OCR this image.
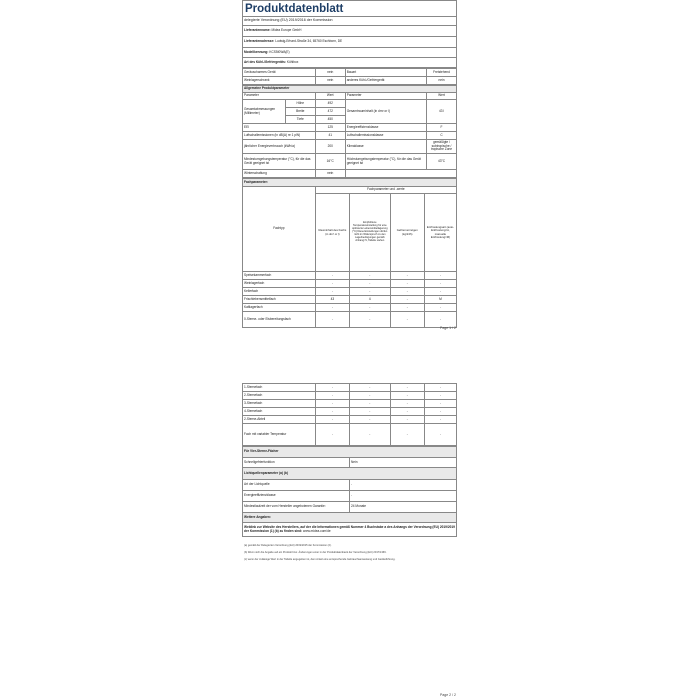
Produktdatenblatt
delegierte Verordnung (EU) 2019/2016 der Kommission
Lieferantenname: Midea Europe GmbH
Lieferantenadresse: Ludwig-Erhard-Straße 34, 65760 Eschborn, DE
Modellkennung: KCS5I0WA(E)
Art des Kühl-/Gefriergeräts: Kühlbox
Geräuscharmes Gerät	nein	Bauart	Freistehend
Weinlagerschrank	nein	anderes Kühl-/Gefriergerät	nein
Allgemeine Produktparameter				
Parameter		Wert	Parameter	Wert
Gesamtabmessungen (Millimeter)	Höhe	492	Gesamtrauminhalt (in dm³ or l)	43 l
	Breite	472		
	Tiefe	450		
EEI		125	Energieeffizienzklasse	F
Luftschallemissionen (in dB(A) re 1 pW)		41	Luftschallemissionsklasse	C
jährlicher Energieverbrauch (kWh/a)		200	Klimaklasse	gemäßigte / subtropische / tropische Zone
Mindestumgebungstemperatur (°C), für die das Gerät geeignet ist		16°C	Höchstumgebungstemperatur (°C), für die das Gerät geeignet ist	43°C
Winterschaltung		nein		
Fachparameter:				
Fachtyp	Fachparameter und -werte			
	Rauminhalt des Fachs (in dm³ or l)	Empfohlene Temperatureinstellung für eine optimierte Lebensmittellagerung (°C) Diese Einstellungen dürfen nicht im Widerspruch zu den Lagerbedingungen gemäß Anhang IV, Tabelle stehen	Gefriervermögen (kg/24h)	Entfrostungsart (auto-Entfrostung=A, manuelle Entfrostung=M)
Speisekammerfach	-	-	-	-
Weinlagerfach	-	-	-	-
Kellerfach	-	-	-	-
Frischlebensmittelfach	43	4	-	M
Kaltlagerfach	-	-	-	-
0-Sterne- oder Eisbereitungsfach	-	-	-	-
Page 1 / 2
1-Sternefach	-	-	-	-
2-Sternefach	-	-	-	-
3-Sternefach	-	-	-	-
4-Sternefach	-	-	-	-
2-Sterne-Abteil	-	-	-	-
Fach mit variabler Temperatur	-	-	-	-
Für Vier-Sterne-Fächer	
Schnellgefrierfunktion	Nein
Lichtquellenparameter (a) (b)	
Art der Lichtquelle	-
Energieeffizienzklasse	-
Mindestlaufzeit der vom Hersteller angebotenen Garantie:	24 Monate
Weitere Angaben:	
Weblink zur Website des Herstellers, auf der die Informationen gemäß Nummer 4 Buchstabe a des Anhangs der Verordnung (EU) 2019/2019 der Kommission (1) (b) zu finden sind: www.midea.com/de	
(a) gemäß der Delegierten Verordnung (EU) 2019/2015 der Kommission (2).
(b) Wenn sich die Angabe auf ein Produkt bzw. Änderungen einer in der Produktdatenbank der Verordnung (EU) 2017/1369.
(c) wenn der zulässige Wert in der Tabelle angegeben ist, dem Anteil eine entsprechende Gebrauchsanweisung und Geräteführung.
Page 2 / 2
